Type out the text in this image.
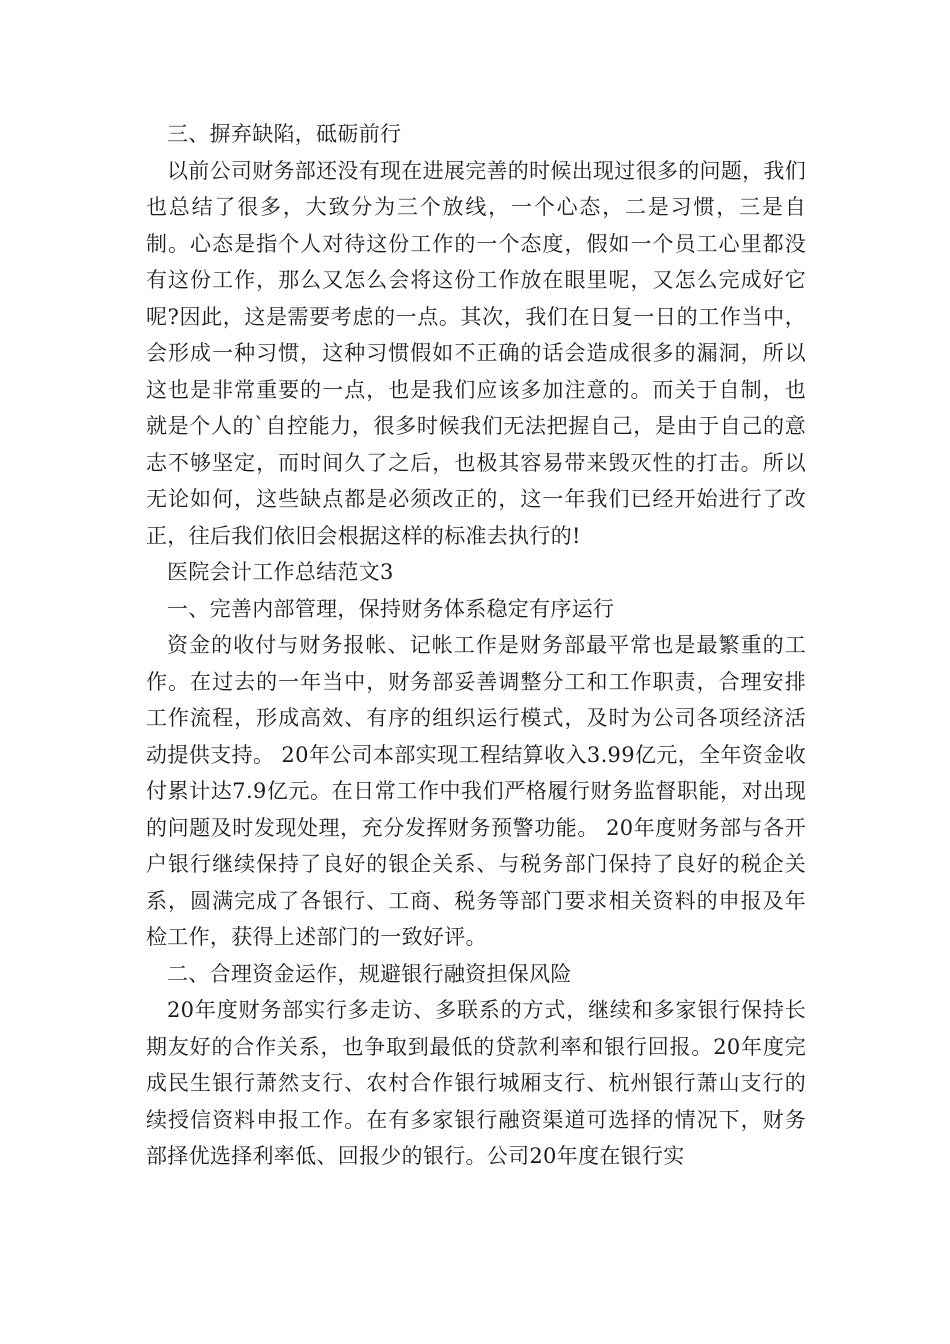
三、摒弃缺陷，砥砺前行

以前公司财务部还没有现在进展完善的时候出现过很多的问题，我们也总结了很多，大致分为三个放线，一个心态，二是习惯，三是自制。心态是指个人对待这份工作的一个态度，假如一个员工心里都没有这份工作，那么又怎么会将这份工作放在眼里呢，又怎么完成好它呢?因此，这是需要考虑的一点。其次，我们在日复一日的工作当中，会形成一种习惯，这种习惯假如不正确的话会造成很多的漏洞，所以这也是非常重要的一点，也是我们应该多加注意的。而关于自制，也就是个人的`自控能力，很多时候我们无法把握自己，是由于自己的意志不够坚定，而时间久了之后，也极其容易带来毁灭性的打击。所以无论如何，这些缺点都是必须改正的，这一年我们已经开始进行了改正，往后我们依旧会根据这样的标准去执行的!

医院会计工作总结范文3

一、完善内部管理，保持财务体系稳定有序运行

资金的收付与财务报帐、记帐工作是财务部最平常也是最繁重的工作。在过去的一年当中，财务部妥善调整分工和工作职责，合理安排工作流程，形成高效、有序的组织运行模式，及时为公司各项经济活动提供支持。 20年公司本部实现工程结算收入3.99亿元，全年资金收付累计达7.9亿元。在日常工作中我们严格履行财务监督职能，对出现的问题及时发现处理，充分发挥财务预警功能。 20年度财务部与各开户银行继续保持了良好的银企关系、与税务部门保持了良好的税企关系，圆满完成了各银行、工商、税务等部门要求相关资料的申报及年检工作，获得上述部门的一致好评。

二、合理资金运作，规避银行融资担保风险

20年度财务部实行多走访、多联系的方式，继续和多家银行保持长期友好的合作关系，也争取到最低的贷款利率和银行回报。20年度完成民生银行萧然支行、农村合作银行城厢支行、杭州银行萧山支行的续授信资料申报工作。在有多家银行融资渠道可选择的情况下，财务部择优选择利率低、回报少的银行。公司20年度在银行实
